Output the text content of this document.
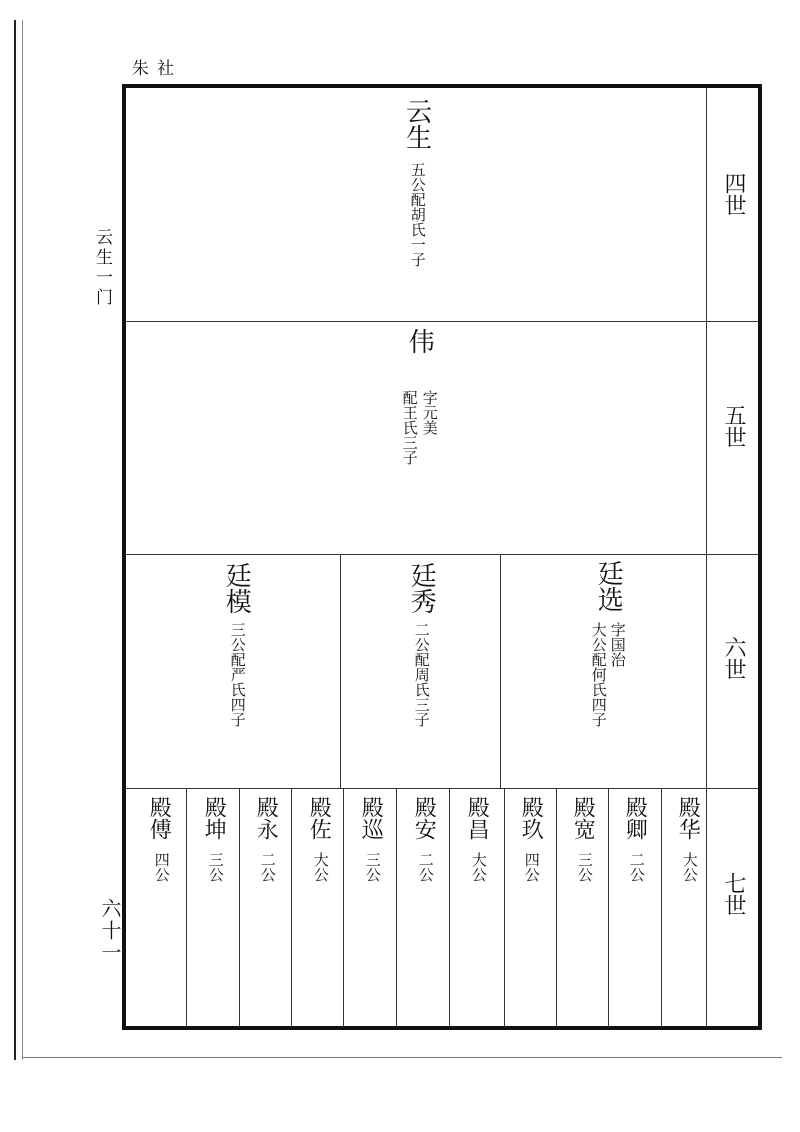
朱社
云生一门
六十一
四世
五世
六世
七世
云生
五公配胡氏一子
伟
字元美
配王氏三子
廷选
字国治
大公配何氏四子
廷秀
二公配周氏三子
廷模
三公配严氏四子
殿华
大公
殿卿
二公
殿宽
三公
殿玖
四公
殿昌
大公
殿安
二公
殿巡
三公
殿佐
大公
殿永
二公
殿坤
三公
殿傅
四公
